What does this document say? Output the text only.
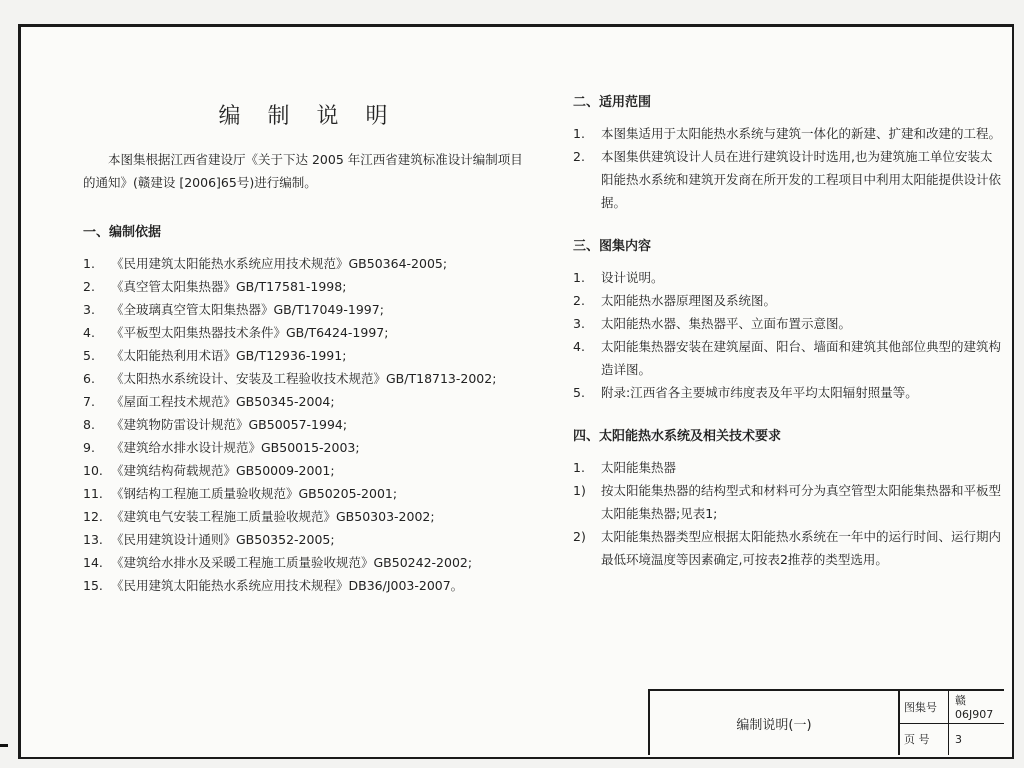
编 制 说 明

本图集根据江西省建设厅《关于下达 2005 年江西省建筑标准设计编制项目的通知》(赣建设 [2006]65号)进行编制。

一、编制依据
1.	《民用建筑太阳能热水系统应用技术规范》GB50364-2005;
2.	《真空管太阳集热器》GB/T17581-1998;
3.	《全玻璃真空管太阳集热器》GB/T17049-1997;
4.	《平板型太阳集热器技术条件》GB/T6424-1997;
5.	《太阳能热利用术语》GB/T12936-1991;
6.	《太阳热水系统设计、安装及工程验收技术规范》GB/T18713-2002;
7.	《屋面工程技术规范》GB50345-2004;
8.	《建筑物防雷设计规范》GB50057-1994;
9.	《建筑给水排水设计规范》GB50015-2003;
10. 《建筑结构荷载规范》GB50009-2001;
11. 《钢结构工程施工质量验收规范》GB50205-2001;
12. 《建筑电气安装工程施工质量验收规范》GB50303-2002;
13. 《民用建筑设计通则》GB50352-2005;
14. 《建筑给水排水及采暖工程施工质量验收规范》GB50242-2002;
15. 《民用建筑太阳能热水系统应用技术规程》DB36/J003-2007。
二、适用范围
1.	本图集适用于太阳能热水系统与建筑一体化的新建、扩建和改建的工程。
2.	本图集供建筑设计人员在进行建筑设计时选用,也为建筑施工单位安装太阳能热水系统和建筑开发商在所开发的工程项目中利用太阳能提供设计依据。
三、图集内容
1.	设计说明。
2.	太阳能热水器原理图及系统图。
3.	太阳能热水器、集热器平、立面布置示意图。
4.	太阳能集热器安装在建筑屋面、阳台、墙面和建筑其他部位典型的建筑构造详图。
5.	附录:江西省各主要城市纬度表及年平均太阳辐射照量等。
四、太阳能热水系统及相关技术要求
1.	太阳能集热器
1)	按太阳能集热器的结构型式和材料可分为真空管型太阳能集热器和平板型太阳能集热器;见表1;
2)	太阳能集热器类型应根据太阳能热水系统在一年中的运行时间、运行期内最低环境温度等因素确定,可按表2推荐的类型选用。
编制说明(一)
图集号	赣06J907
页 号	3
